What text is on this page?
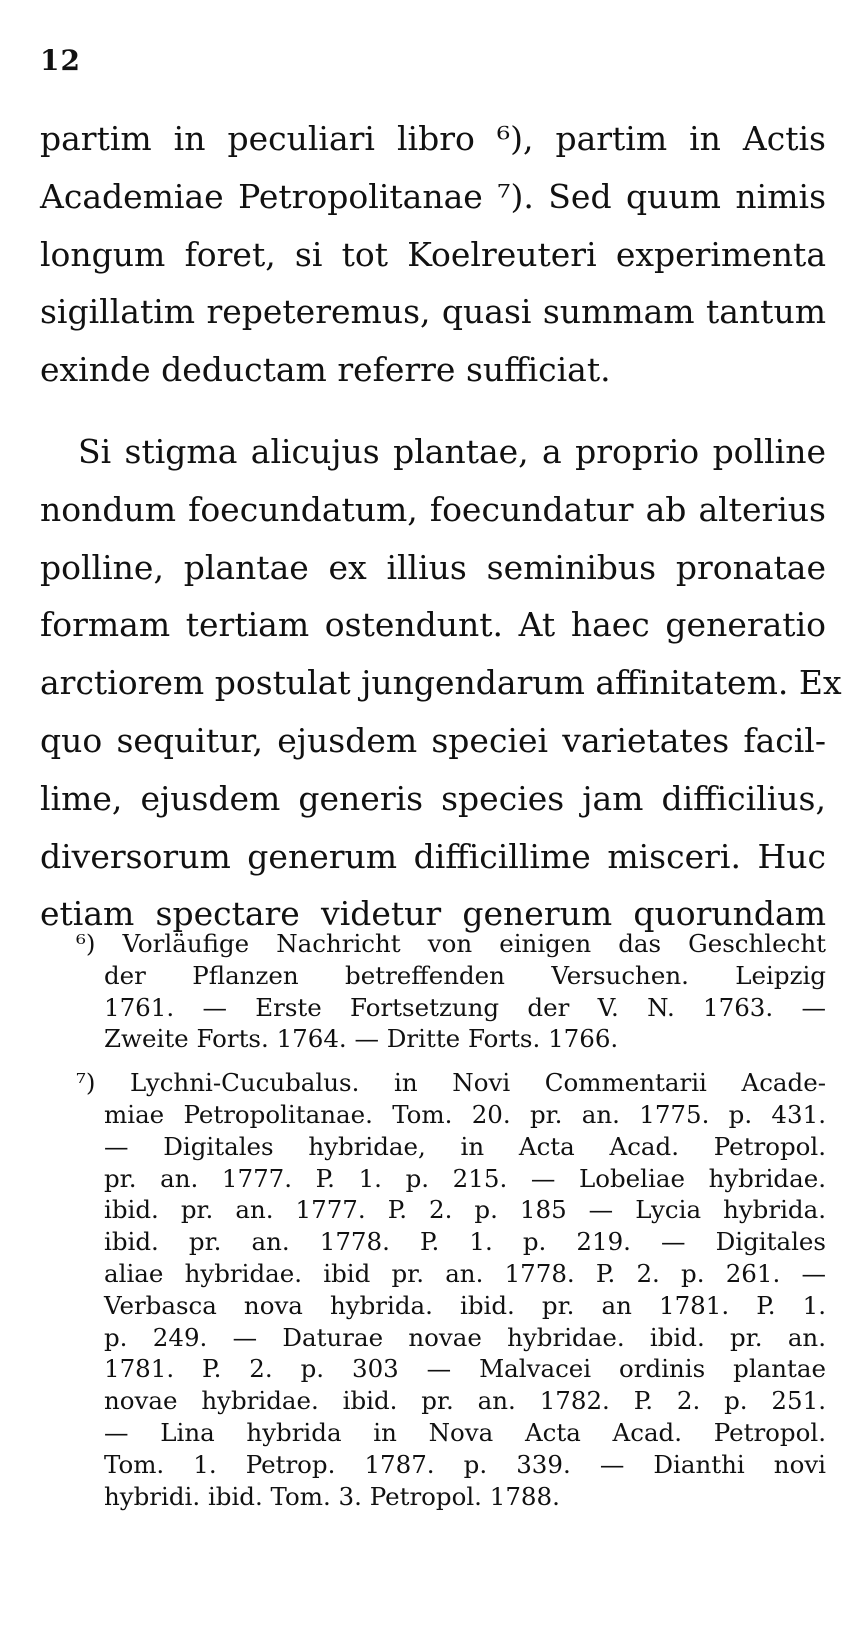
12
partim in peculiari libro ⁶), partim in Actis
Academiae Petropolitanae ⁷). Sed quum nimis
longum foret, si tot Koelreuteri experimenta
sigillatim repeteremus, quasi summam tantum
exinde deductam referre sufficiat.
Si stigma alicujus plantae, a proprio polline
nondum foecundatum, foecundatur ab alterius
polline, plantae ex illius seminibus pronatae
formam tertiam ostendunt. At haec generatio
arctiorem postulat jungendarum affinitatem. Ex
quo sequitur, ejusdem speciei varietates facil-
lime, ejusdem generis species jam difficilius,
diversorum generum difficillime misceri. Huc
etiam spectare videtur generum quorundam
⁶) Vorläufige Nachricht von einigen das Geschlecht
der Pflanzen betreffenden Versuchen. Leipzig
1761. — Erste Fortsetzung der V. N. 1763. —
Zweite Forts. 1764. — Dritte Forts. 1766.
⁷) Lychni-Cucubalus. in Novi Commentarii Acade-
miae Petropolitanae. Tom. 20. pr. an. 1775. p. 431.
— Digitales hybridae, in Acta Acad. Petropol.
pr. an. 1777. P. 1. p. 215. — Lobeliae hybridae.
ibid. pr. an. 1777. P. 2. p. 185 — Lycia hybrida.
ibid. pr. an. 1778. P. 1. p. 219. — Digitales
aliae hybridae. ibid pr. an. 1778. P. 2. p. 261. —
Verbasca nova hybrida. ibid. pr. an 1781. P. 1.
p. 249. — Daturae novae hybridae. ibid. pr. an.
1781. P. 2. p. 303 — Malvacei ordinis plantae
novae hybridae. ibid. pr. an. 1782. P. 2. p. 251.
— Lina hybrida in Nova Acta Acad. Petropol.
Tom. 1. Petrop. 1787. p. 339. — Dianthi novi
hybridi. ibid. Tom. 3. Petropol. 1788.
